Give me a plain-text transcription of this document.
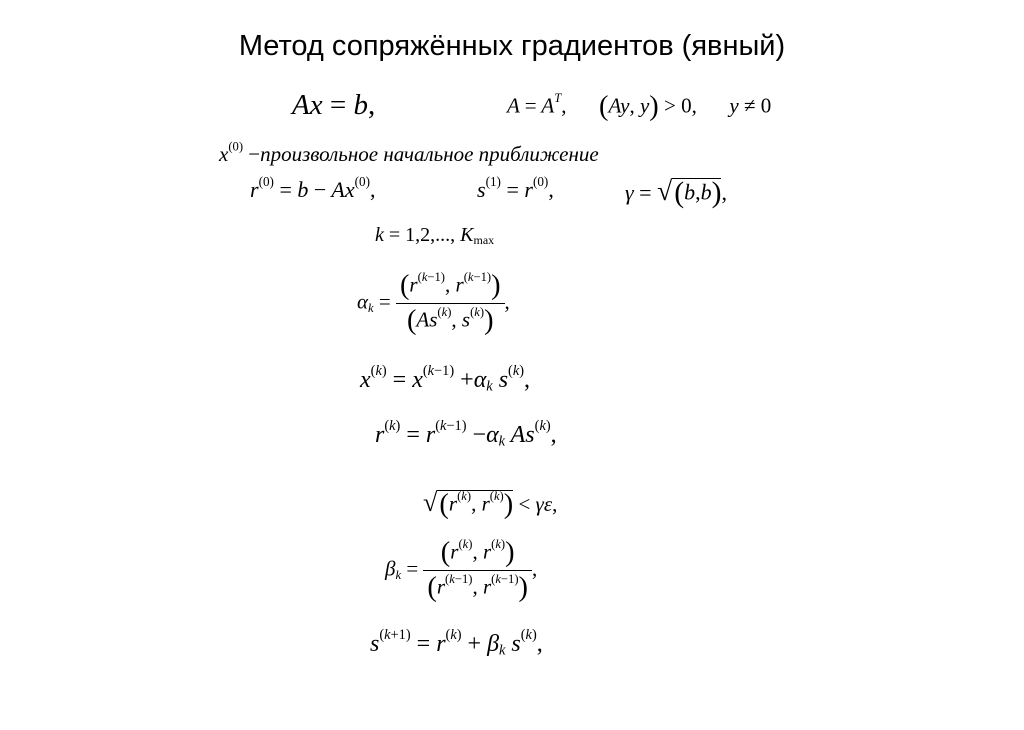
Метод сопряжённых градиентов (явный)
Ax = b,	$A = A^T$, (Ay, y) > 0,  y ≠ 0
$x^{(0)}$ −произвольное начальное приближение
$r^{(0)} = b - Ax^{(0)}$,	$s^{(1)} = r^{(0)}$,	γ = √(b,b),
k = 1,2,..., $K_{max}$
$\alpha_k = \frac{(r^{(k-1)}, r^{(k-1)})}{(As^{(k)}, s^{(k)})}$ ,
$x^{(k)} = x^{(k-1)} +\alpha_k$ $s^{(k)}$,
$r^{(k)} = r^{(k-1)} -\alpha_k$ As$^{(k)}$,
$√(r^{(k)}$, $r^{(k)}) < \gamma\varepsilon$,
$\beta_k = \frac{(r^{(k)}, r^{(k)})}{(r^{(k-1)}, r^{(k-1)})}$ ,
$s^{(k+1)} = r^{(k)} + \beta_k$ $s^{(k)}$,
